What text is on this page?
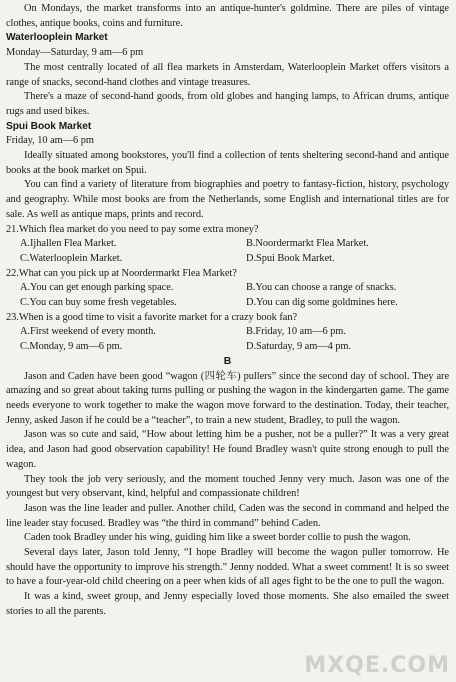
On Mondays, the market transforms into an antique-hunter's goldmine. There are piles of vintage clothes, antique books, coins and furniture.

Waterlooplein Market

Monday—Saturday, 9 am—6 pm

The most centrally located of all flea markets in Amsterdam, Waterlooplein Market offers visitors a range of snacks, second-hand clothes and vintage treasures.

There's a maze of second-hand goods, from old globes and hanging lamps, to African drums, antique rugs and used bikes.

Spui Book Market

Friday, 10 am—6 pm

Ideally situated among bookstores, you'll find a collection of tents sheltering second-hand and antique books at the book market on Spui.

You can find a variety of literature from biographies and poetry to fantasy-fiction, history, psychology and geography. While most books are from the Netherlands, some English and international titles are for sale. As well as antique maps, prints and record.

21.Which flea market do you need to pay some extra money?

A.Ijhallen Flea Market.	B.Noordermarkt Flea Market.
C.Waterlooplein Market.	D.Spui Book Market.

22.What can you pick up at Noordermarkt Flea Market?

A.You can get enough parking space.	B.You can choose a range of snacks.
C.You can buy some fresh vegetables.	D.You can dig some goldmines here.

23.When is a good time to visit a favorite market for a crazy book fan?

A.First weekend of every month.	B.Friday, 10 am—6 pm.
C.Monday, 9 am—6 pm.	D.Saturday, 9 am—4 pm.

B

Jason and Caden have been good “wagon (四轮车) pullers” since the second day of school. They are amazing and so great about taking turns pulling or pushing the wagon in the kindergarten game. The game needs everyone to work together to make the wagon move forward to the destination. Today, their teacher, Jenny, asked Jason if he could be a “teacher”, to train a new student, Bradley, to pull the wagon.

Jason was so cute and said, “How about letting him be a pusher, not be a puller?” It was a very great idea, and Jason had good observation capability! He found Bradley wasn't quite strong enough to pull the wagon.

They took the job very seriously, and the moment touched Jenny very much. Jason was one of the youngest but very observant, kind, helpful and compassionate children!

Jason was the line leader and puller. Another child, Caden was the second in command and helped the line leader stay focused. Bradley was “the third in command” behind Caden.

Caden took Bradley under his wing, guiding him like a sweet border collie to push the wagon.

Several days later, Jason told Jenny, “I hope Bradley will become the wagon puller tomorrow. He should have the opportunity to improve his strength.” Jenny nodded. What a sweet comment! It is so sweet to have a four-year-old child cheering on a peer when kids of all ages fight to be the one to pull the wagon.

It was a kind, sweet group, and Jenny especially loved those moments. She also emailed the sweet stories to all the parents.

MXQE.COM
